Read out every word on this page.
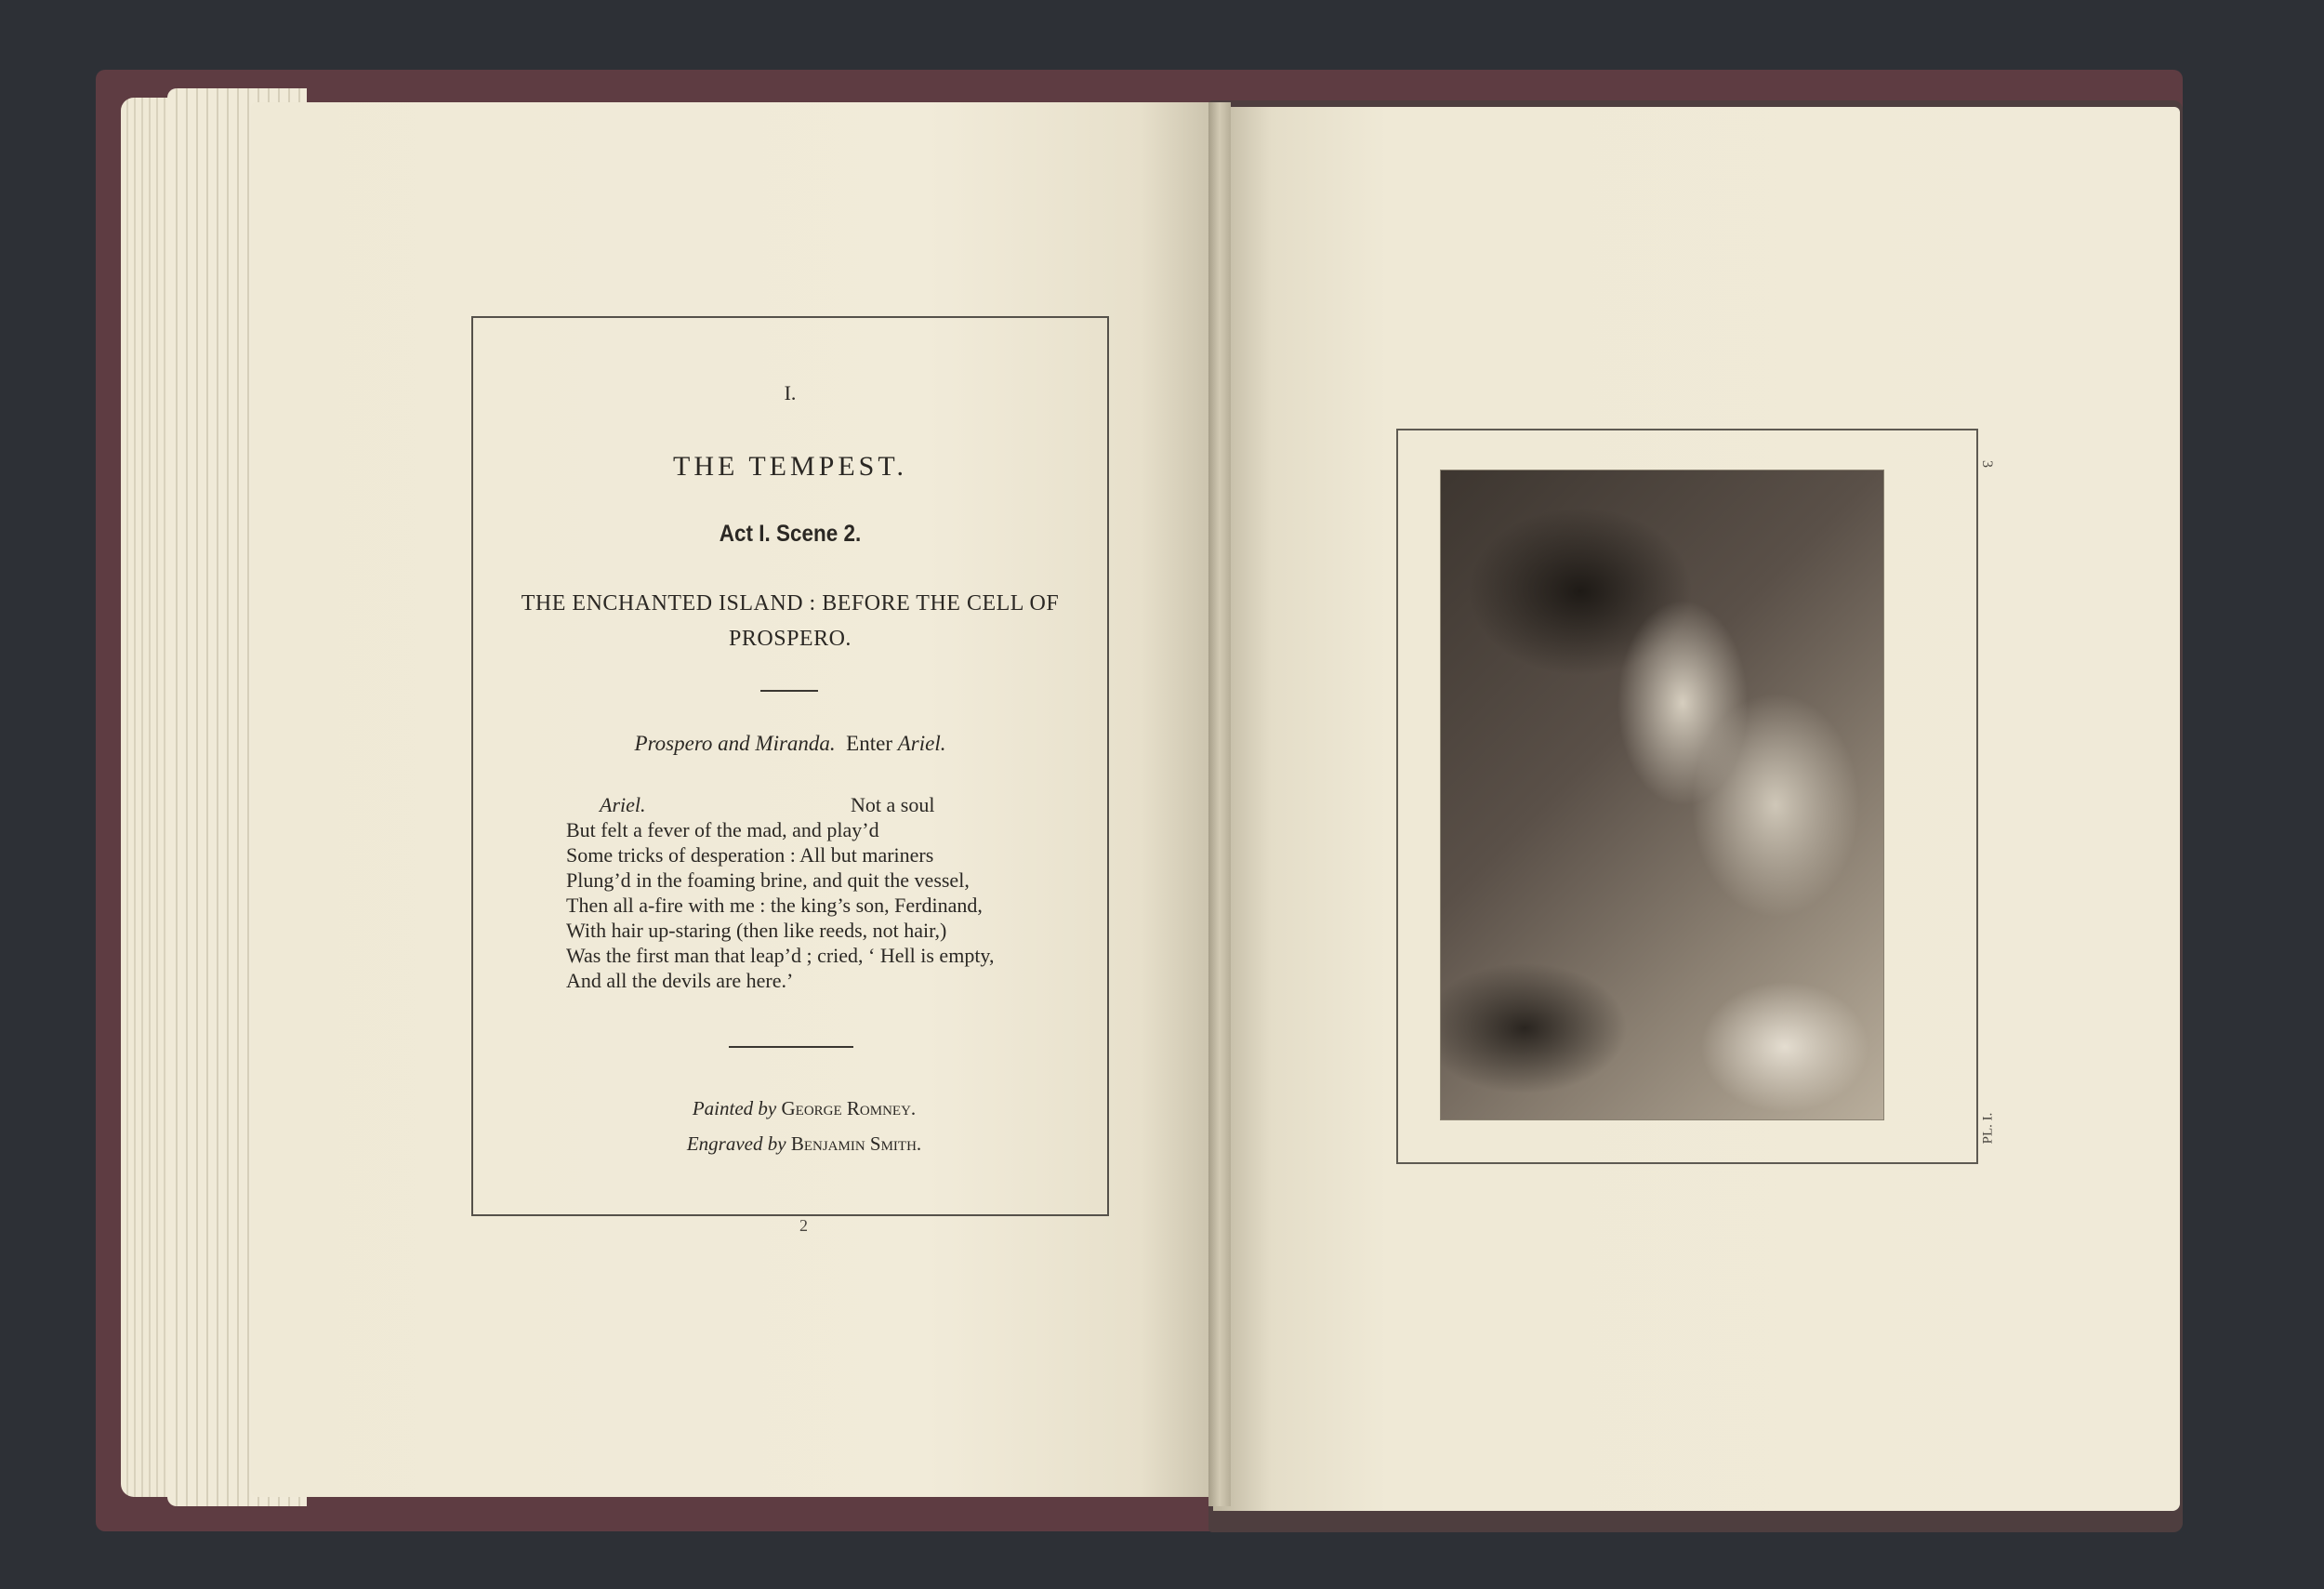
I.
THE TEMPEST.
Act I. Scene 2.
THE ENCHANTED ISLAND : BEFORE THE CELL OF PROSPERO.
Prospero and Miranda. Enter Ariel.
Ariel.	Not a soul
But felt a fever of the mad, and play’d
Some tricks of desperation : All but mariners
Plung’d in the foaming brine, and quit the vessel,
Then all a-fire with me : the king’s son, Ferdinand,
With hair up-staring (then like reeds, not hair,)
Was the first man that leap’d ; cried, ‘ Hell is empty,
And all the devils are here.’
Painted by George Romney.
Engraved by Benjamin Smith.
2
3
PL. I.
